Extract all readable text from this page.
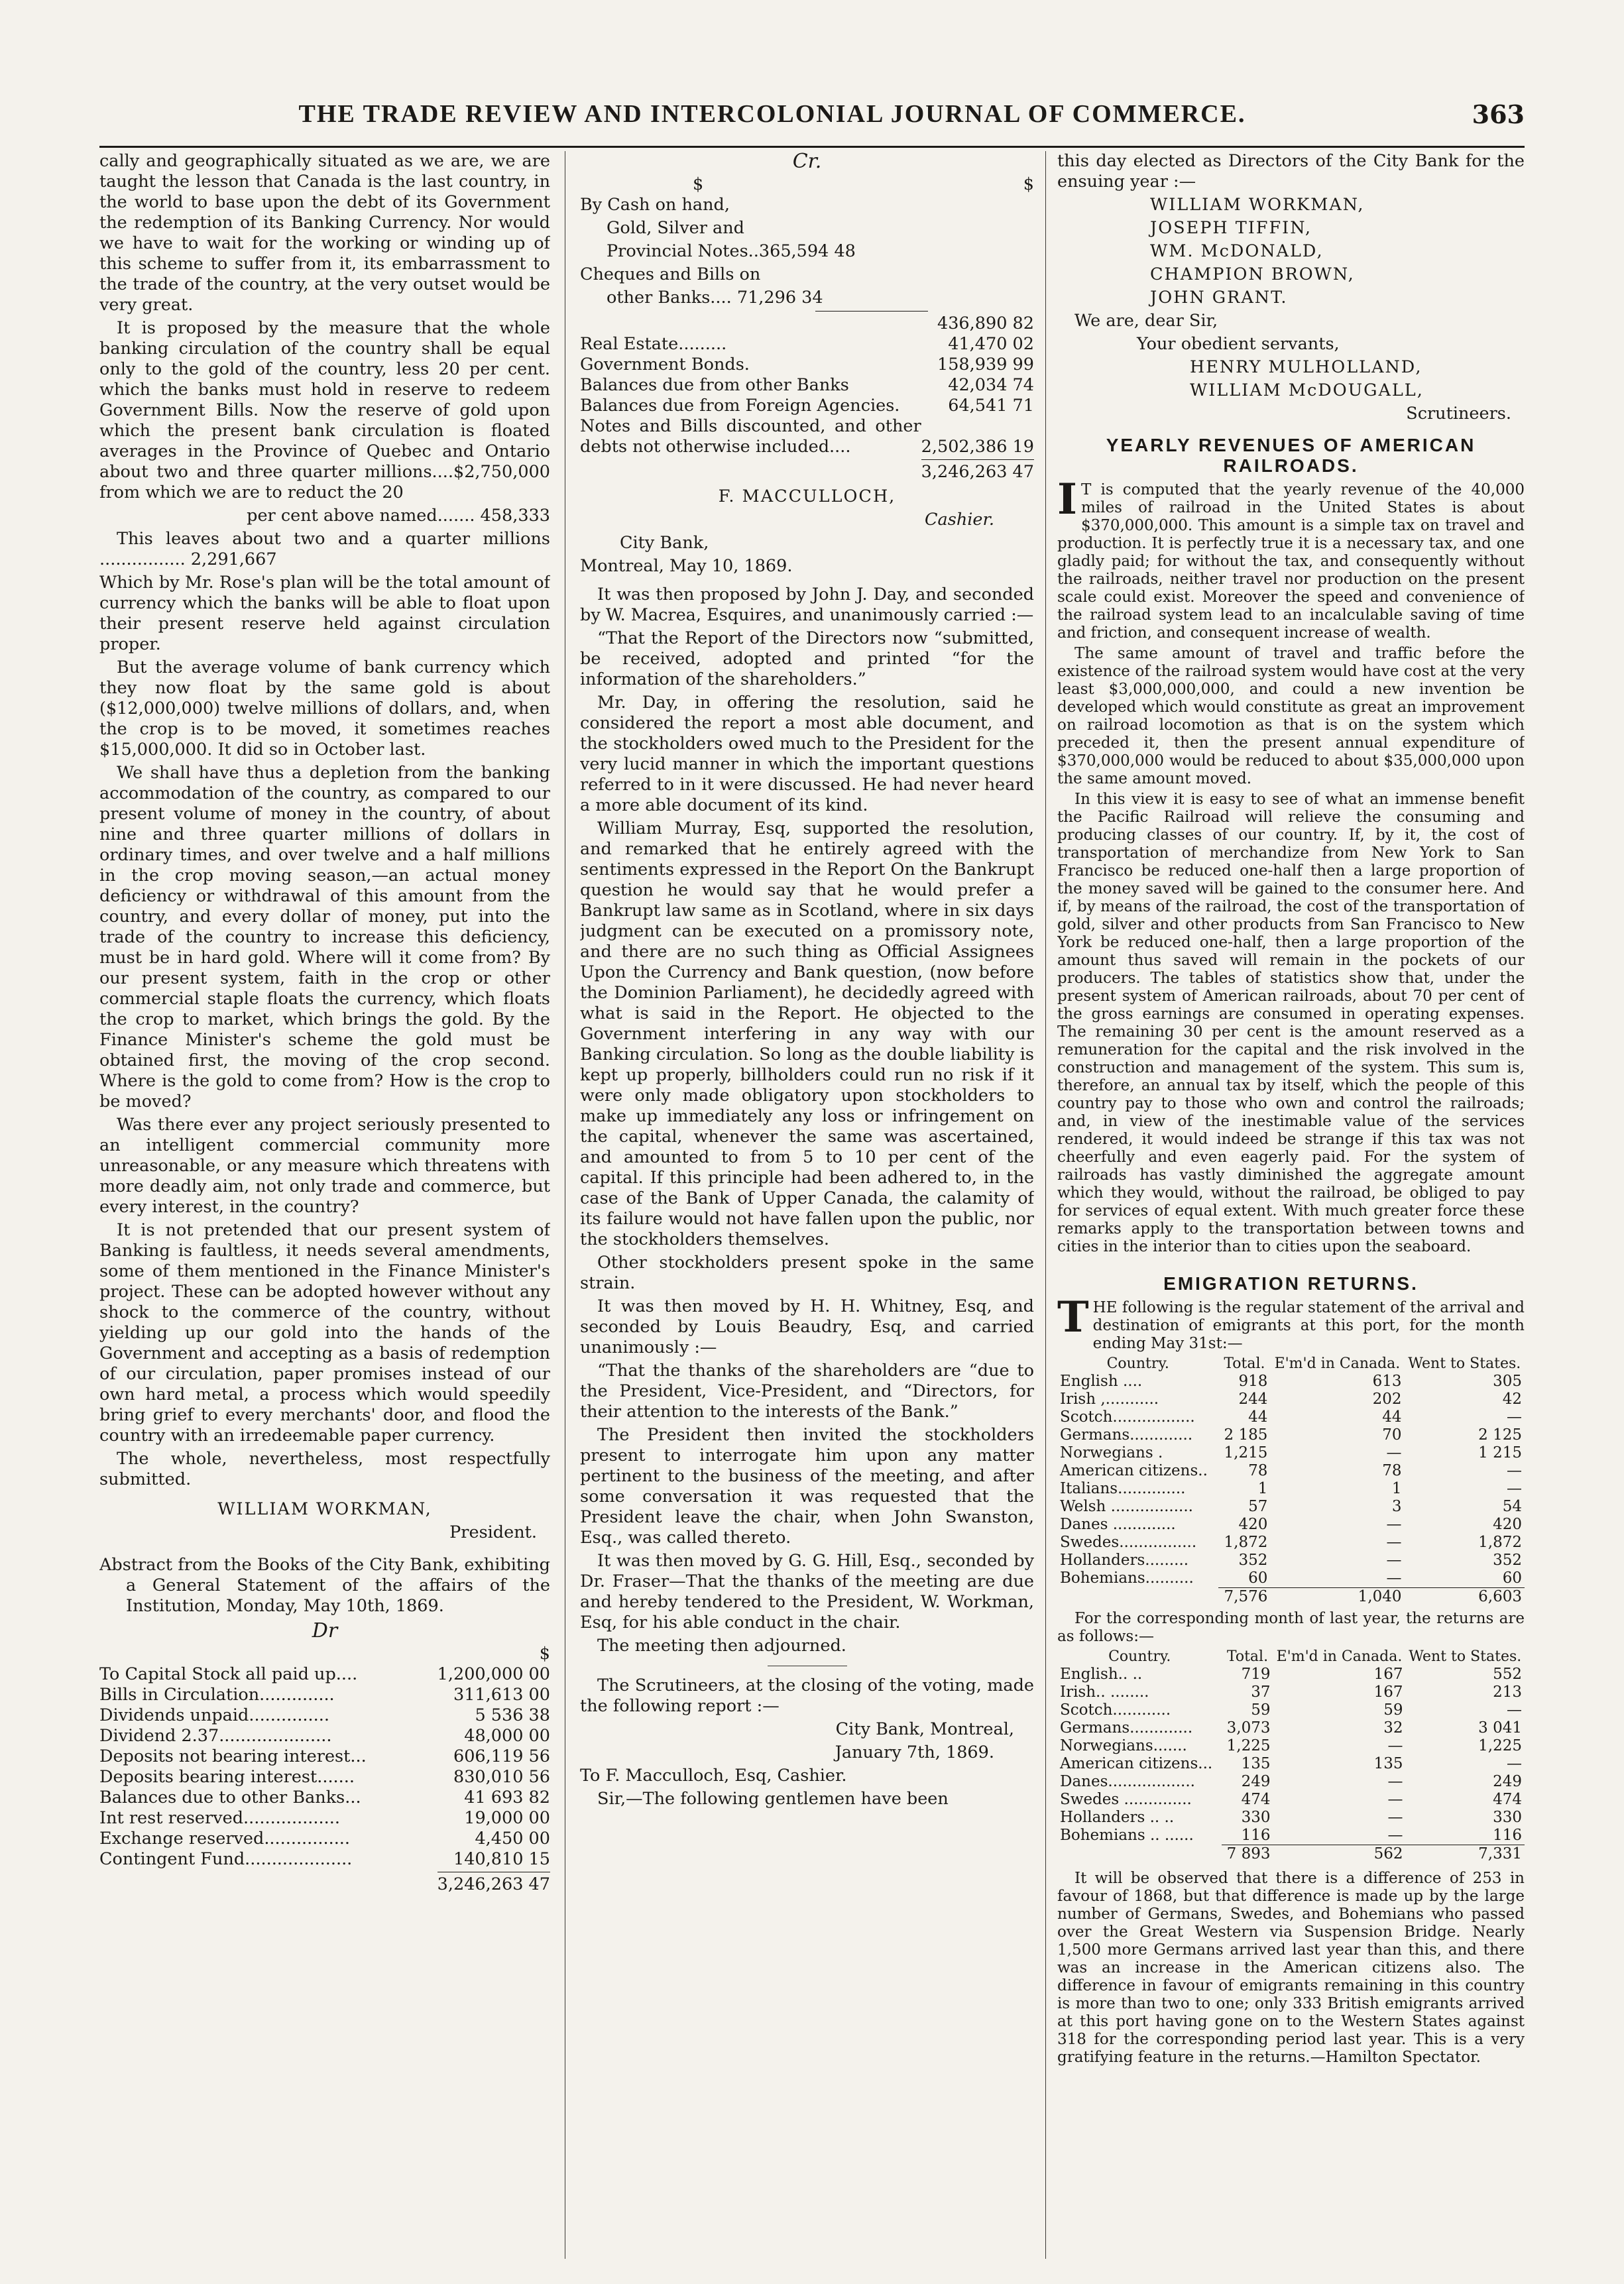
THE TRADE REVIEW AND INTERCOLONIAL JOURNAL OF COMMERCE.	363

cally and geographically situated as we are, we are taught the lesson that Canada is the last country, in the world to base upon the debt of its Government the redemption of its Banking Currency. Nor would we have to wait for the working or winding up of this scheme to suffer from it, its embarrassment to the trade of the country, at the very outset would be very great.

It is proposed by the measure that the whole banking circulation of the country shall be equal only to the gold of the country, less 20 per cent. which the banks must hold in reserve to redeem Government Bills. Now the reserve of gold upon which the present bank circulation is floated averages in the Province of Quebec and Ontario about two and three quarter millions....$2,750,000 from which we are to reduct the 20

per cent above named....... 458,333

This leaves about two and a quarter millions ................ 2,291,667

Which by Mr. Rose's plan will be the total amount of currency which the banks will be able to float upon their present reserve held against circulation proper.

But the average volume of bank currency which they now float by the same gold is about ($12,000,000) twelve millions of dollars, and, when the crop is to be moved, it sometimes reaches $15,000,000. It did so in October last.

We shall have thus a depletion from the banking accommodation of the country, as compared to our present volume of money in the country, of about nine and three quarter millions of dollars in ordinary times, and over twelve and a half millions in the crop moving season,—an actual money deficiency or withdrawal of this amount from the country, and every dollar of money, put into the trade of the country to increase this deficiency, must be in hard gold. Where will it come from? By our present system, faith in the crop or other commercial staple floats the currency, which floats the crop to market, which brings the gold. By the Finance Minister's scheme the gold must be obtained first, the moving of the crop second. Where is the gold to come from? How is the crop to be moved?

Was there ever any project seriously presented to an intelligent commercial community more unreasonable, or any measure which threatens with more deadly aim, not only trade and commerce, but every interest, in the country?

It is not pretended that our present system of Banking is faultless, it needs several amendments, some of them mentioned in the Finance Minister's project. These can be adopted however without any shock to the commerce of the country, without yielding up our gold into the hands of the Government and accepting as a basis of redemption of our circulation, paper promises instead of our own hard metal, a process which would speedily bring grief to every merchants' door, and flood the country with an irredeemable paper currency.

The whole, nevertheless, most respectfully submitted.

WILLIAM WORKMAN,

President.

Abstract from the Books of the City Bank, exhibiting a General Statement of the affairs of the Institution, Monday, May 10th, 1869.

Dr

$
To Capital Stock all paid up....	1,200,000 00
Bills in Circulation..............	311,613 00
Dividends unpaid...............	5 536 38
Dividend 2.37.....................	48,000 00
Deposits not bearing interest...	606,119 56
Deposits bearing interest.......	830,010 56
Balances due to other Banks...	41 693 82
Int rest reserved..................	19,000 00
Exchange reserved................	4,450 00
Contingent Fund....................	140,810 15
3,246,263 47

Cr.

$	$

By Cash on hand,

Gold, Silver and

Provincial Notes..365,594 48

Cheques and Bills on

other Banks.... 71,296 34

436,890 82
Real Estate.........	41,470 02
Government Bonds.	158,939 99
Balances due from other Banks	42,034 74
Balances due from Foreign Agencies.	64,541 71
Notes and Bills discounted, and other debts not otherwise included....	2,502,386 19
3,246,263 47

F. MACCULLOCH,

Cashier.

City Bank,

Montreal, May 10, 1869.

It was then proposed by John J. Day, and seconded by W. Macrea, Esquires, and unanimously carried :—

“That the Report of the Directors now “submitted, be received, adopted and printed “for the information of the shareholders.”

Mr. Day, in offering the resolution, said he considered the report a most able document, and the stockholders owed much to the President for the very lucid manner in which the important questions referred to in it were discussed. He had never heard a more able document of its kind.

William Murray, Esq, supported the resolution, and remarked that he entirely agreed with the sentiments expressed in the Report On the Bankrupt question he would say that he would prefer a Bankrupt law same as in Scotland, where in six days judgment can be executed on a promissory note, and there are no such thing as Official Assignees Upon the Currency and Bank question, (now before the Dominion Parliament), he decidedly agreed with what is said in the Report. He objected to the Government interfering in any way with our Banking circulation. So long as the double liability is kept up properly, billholders could run no risk if it were only made obligatory upon stockholders to make up immediately any loss or infringement on the capital, whenever the same was ascertained, and amounted to from 5 to 10 per cent of the capital. If this principle had been adhered to, in the case of the Bank of Upper Canada, the calamity of its failure would not have fallen upon the public, nor the stockholders themselves.

Other stockholders present spoke in the same strain.

It was then moved by H. H. Whitney, Esq, and seconded by Louis Beaudry, Esq, and carried unanimously :—

“That the thanks of the shareholders are “due to the President, Vice-President, and “Directors, for their attention to the interests of the Bank.”

The President then invited the stockholders present to interrogate him upon any matter pertinent to the business of the meeting, and after some conversation it was requested that the President leave the chair, when John Swanston, Esq., was called thereto.

It was then moved by G. G. Hill, Esq., seconded by Dr. Fraser—That the thanks of the meeting are due and hereby tendered to the President, W. Workman, Esq, for his able conduct in the chair.

The meeting then adjourned.

The Scrutineers, at the closing of the voting, made the following report :—

City Bank, Montreal,

January 7th, 1869.

To F. Macculloch, Esq, Cashier.

Sir,—The following gentlemen have been

this day elected as Directors of the City Bank for the ensuing year :—

WILLIAM WORKMAN,

JOSEPH TIFFIN,

WM. McDONALD,

CHAMPION BROWN,

JOHN GRANT.

We are, dear Sir,

Your obedient servants,

HENRY MULHOLLAND,

WILLIAM McDOUGALL,

Scrutineers.

YEARLY REVENUES OF AMERICAN RAILROADS.

I T is computed that the yearly revenue of the 40,000 miles of railroad in the United States is about $370,000,000. This amount is a simple tax on travel and production. It is perfectly true it is a necessary tax, and one gladly paid; for without the tax, and consequently without the railroads, neither travel nor production on the present scale could exist. Moreover the speed and convenience of the railroad system lead to an incalculable saving of time and friction, and consequent increase of wealth.

The same amount of travel and traffic before the existence of the railroad system would have cost at the very least $3,000,000,000, and could a new invention be developed which would constitute as great an improvement on railroad locomotion as that is on the system which preceded it, then the present annual expenditure of $370,000,000 would be reduced to about $35,000,000 upon the same amount moved.

In this view it is easy to see of what an immense benefit the Pacific Railroad will relieve the consuming and producing classes of our country. If, by it, the cost of transportation of merchandize from New York to San Francisco be reduced one-half then a large proportion of the money saved will be gained to the consumer here. And if, by means of the railroad, the cost of the transportation of gold, silver and other products from San Francisco to New York be reduced one-half, then a large proportion of the amount thus saved will remain in the pockets of our producers. The tables of statistics show that, under the present system of American railroads, about 70 per cent of the gross earnings are consumed in operating expenses. The remaining 30 per cent is the amount reserved as a remuneration for the capital and the risk involved in the construction and management of the system. This sum is, therefore, an annual tax by itself, which the people of this country pay to those who own and control the railroads; and, in view of the inestimable value of the services rendered, it would indeed be strange if this tax was not cheerfully and even eagerly paid. For the system of railroads has vastly diminished the aggregate amount which they would, without the railroad, be obliged to pay for services of equal extent. With much greater force these remarks apply to the transportation between towns and cities in the interior than to cities upon the seaboard.

EMIGRATION RETURNS.

THE following is the regular statement of the arrival and destination of emigrants at this port, for the month ending May 31st:—

Country.	Total.	E'm'd in Canada.	Went to States.
English ....	918	613	305
Irish ,...........	244	202	42
Scotch.................	44	44	—
Germans.............	2 185	70	2 125
Norwegians .	1,215	—	1 215
American citizens..	78	78	—
Italians..............	1	1	—
Welsh .................	57	3	54
Danes .............	420	—	420
Swedes................	1,872	—	1,872
Hollanders.........	352	—	352
Bohemians..........	60	—	60
	7,576	1,040	6,603

For the corresponding month of last year, the returns are as follows:—

Country.	Total.	E'm'd in Canada.	Went to States.
English.. ..	719	167	552
Irish.. ........	37	167	213
Scotch............	59	59	—
Germans.............	3,073	32	3 041
Norwegians.......	1,225	—	1,225
American citizens...	135	135	—
Danes..................	249	—	249
Swedes ..............	474	—	474
Hollanders .. ..	330	—	330
Bohemians .. ......	116	—	116
	7 893	562	7,331

It will be observed that there is a difference of 253 in favour of 1868, but that difference is made up by the large number of Germans, Swedes, and Bohemians who passed over the Great Western via Suspension Bridge. Nearly 1,500 more Germans arrived last year than this, and there was an increase in the American citizens also. The difference in favour of emigrants remaining in this country is more than two to one; only 333 British emigrants arrived at this port having gone on to the Western States against 318 for the corresponding period last year. This is a very gratifying feature in the returns.—Hamilton Spectator.
